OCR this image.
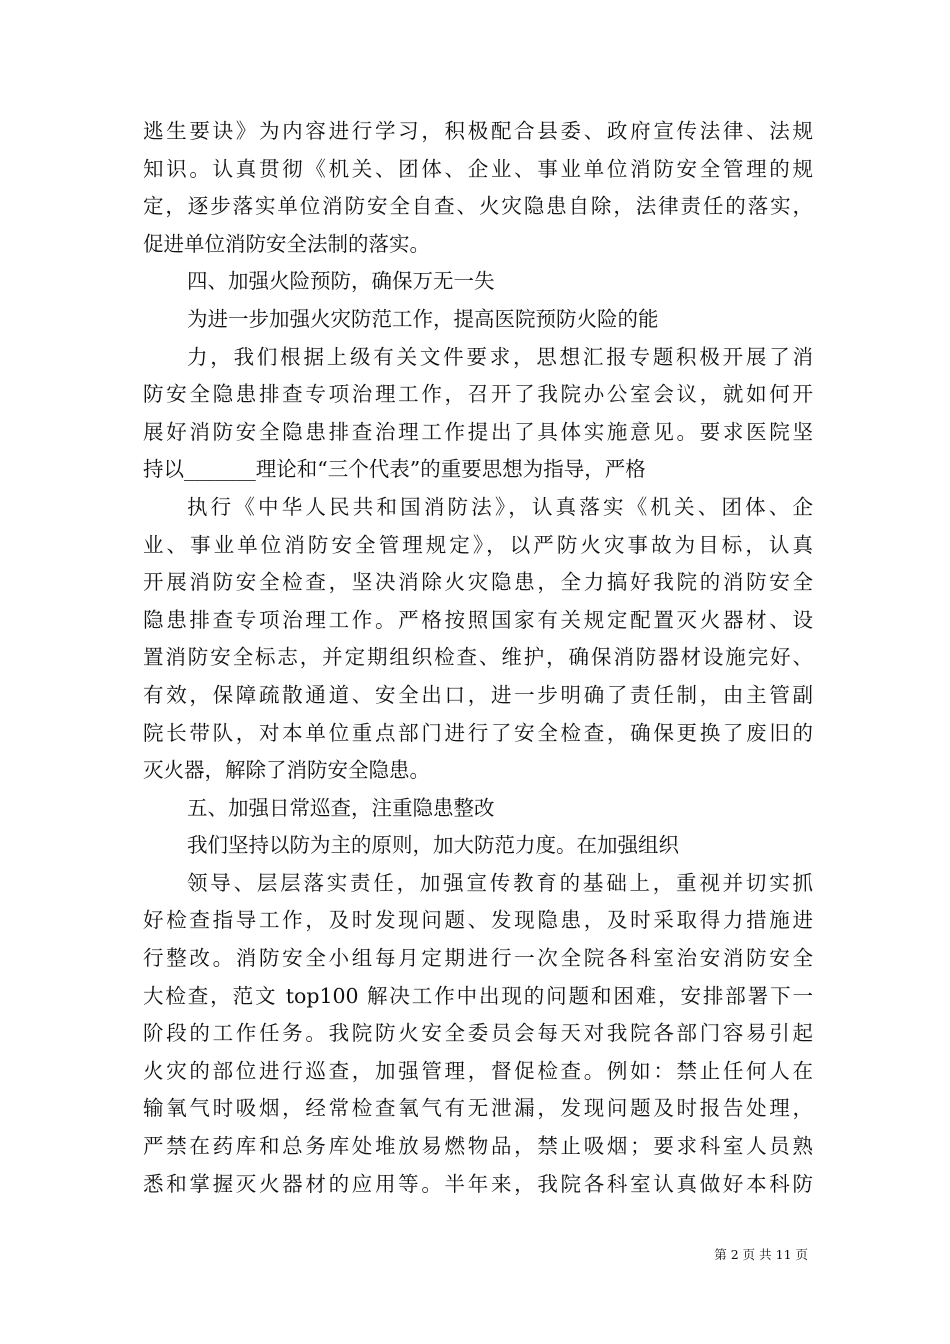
逃生要诀》为内容进行学习，积极配合县委、政府宣传法律、法规
知识。认真贯彻《机关、团体、企业、事业单位消防安全管理的规
定，逐步落实单位消防安全自查、火灾隐患自除，法律责任的落实，
促进单位消防安全法制的落实。
四、加强火险预防，确保万无一失
为进一步加强火灾防范工作，提高医院预防火险的能
力，我们根据上级有关文件要求，思想汇报专题积极开展了消
防安全隐患排查专项治理工作，召开了我院办公室会议，就如何开
展好消防安全隐患排查治理工作提出了具体实施意见。要求医院坚
持以_______理论和“三个代表”的重要思想为指导，严格
执行《中华人民共和国消防法》，认真落实《机关、团体、企
业、事业单位消防安全管理规定》，以严防火灾事故为目标，认真
开展消防安全检查，坚决消除火灾隐患，全力搞好我院的消防安全
隐患排查专项治理工作。严格按照国家有关规定配置灭火器材、设
置消防安全标志，并定期组织检查、维护，确保消防器材设施完好、
有效，保障疏散通道、安全出口，进一步明确了责任制，由主管副
院长带队，对本单位重点部门进行了安全检查，确保更换了废旧的
灭火器，解除了消防安全隐患。
五、加强日常巡查，注重隐患整改
我们坚持以防为主的原则，加大防范力度。在加强组织
领导、层层落实责任，加强宣传教育的基础上，重视并切实抓
好检查指导工作，及时发现问题、发现隐患，及时采取得力措施进
行整改。消防安全小组每月定期进行一次全院各科室治安消防安全
大检查，范文 top100 解决工作中出现的问题和困难，安排部署下一
阶段的工作任务。我院防火安全委员会每天对我院各部门容易引起
火灾的部位进行巡查，加强管理，督促检查。例如：禁止任何人在
输氧气时吸烟，经常检查氧气有无泄漏，发现问题及时报告处理，
严禁在药库和总务库处堆放易燃物品，禁止吸烟；要求科室人员熟
悉和掌握灭火器材的应用等。半年来，我院各科室认真做好本科防
第 2 页 共 11 页
